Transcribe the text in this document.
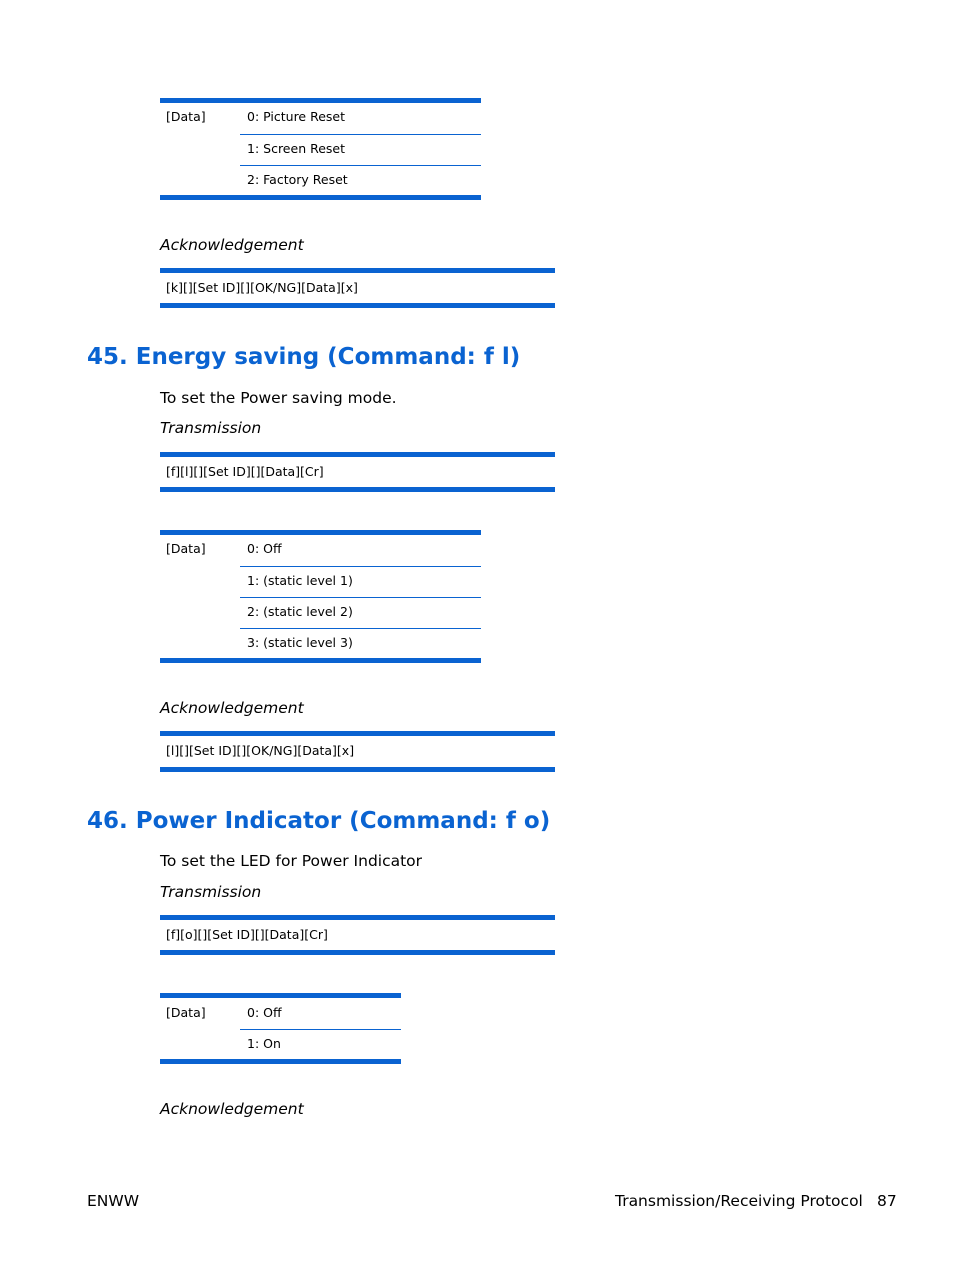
[Data]	0: Picture Reset
1: Screen Reset
2: Factory Reset
Acknowledgement
[k][][Set ID][][OK/NG][Data][x]
45. Energy saving (Command: f l)
To set the Power saving mode.
Transmission
[f][l][][Set ID][][Data][Cr]
[Data]	0: Off
1: (static level 1)
2: (static level 2)
3: (static level 3)
Acknowledgement
[l][][Set ID][][OK/NG][Data][x]
46. Power Indicator (Command: f o)
To set the LED for Power Indicator
Transmission
[f][o][][Set ID][][Data][Cr]
[Data]	0: Off
1: On
Acknowledgement
ENWW	Transmission/Receiving Protocol 87
